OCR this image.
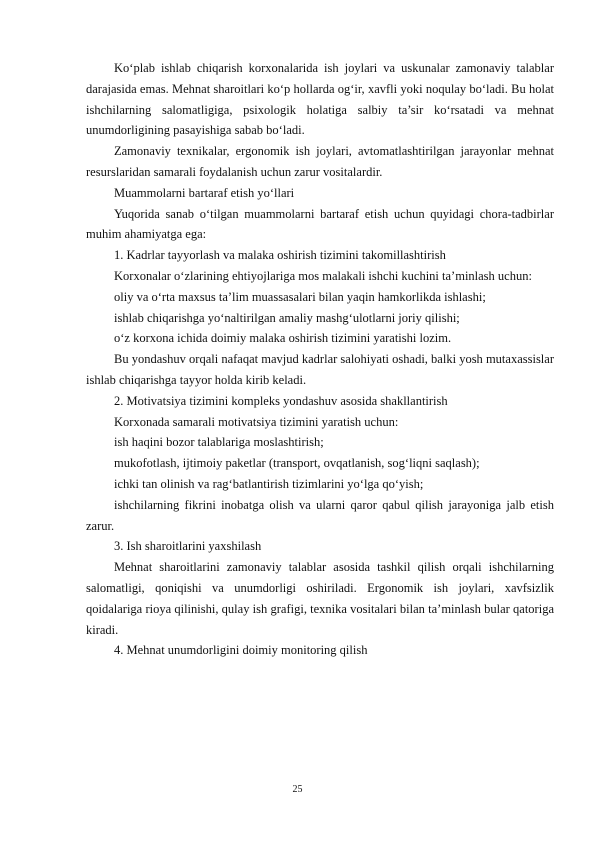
Ko‘plab ishlab chiqarish korxonalarida ish joylari va uskunalar zamonaviy talablar darajasida emas. Mehnat sharoitlari ko‘p hollarda og‘ir, xavfli yoki noqulay bo‘ladi. Bu holat ishchilarning salomatligiga, psixologik holatiga salbiy ta’sir ko‘rsatadi va mehnat unumdorligining pasayishiga sabab bo‘ladi.

Zamonaviy texnikalar, ergonomik ish joylari, avtomatlashtirilgan jarayonlar mehnat resurslaridan samarali foydalanish uchun zarur vositalardir.

Muammolarni bartaraf etish yo‘llari

Yuqorida sanab o‘tilgan muammolarni bartaraf etish uchun quyidagi chora-tadbirlar muhim ahamiyatga ega:

1. Kadrlar tayyorlash va malaka oshirish tizimini takomillashtirish

Korxonalar o‘zlarining ehtiyojlariga mos malakali ishchi kuchini ta’minlash uchun:

oliy va o‘rta maxsus ta’lim muassasalari bilan yaqin hamkorlikda ishlashi;

ishlab chiqarishga yo‘naltirilgan amaliy mashg‘ulotlarni joriy qilishi;

o‘z korxona ichida doimiy malaka oshirish tizimini yaratishi lozim.

Bu yondashuv orqali nafaqat mavjud kadrlar salohiyati oshadi, balki yosh mutaxassislar ishlab chiqarishga tayyor holda kirib keladi.

2. Motivatsiya tizimini kompleks yondashuv asosida shakllantirish

Korxonada samarali motivatsiya tizimini yaratish uchun:

ish haqini bozor talablariga moslashtirish;

mukofotlash, ijtimoiy paketlar (transport, ovqatlanish, sog‘liqni saqlash);

ichki tan olinish va rag‘batlantirish tizimlarini yo‘lga qo‘yish;

ishchilarning fikrini inobatga olish va ularni qaror qabul qilish jarayoniga jalb etish zarur.

3. Ish sharoitlarini yaxshilash

Mehnat sharoitlarini zamonaviy talablar asosida tashkil qilish orqali ishchilarning salomatligi, qoniqishi va unumdorligi oshiriladi. Ergonomik ish joylari, xavfsizlik qoidalariga rioya qilinishi, qulay ish grafigi, texnika vositalari bilan ta’minlash bular qatoriga kiradi.

4. Mehnat unumdorligini doimiy monitoring qilish

25
